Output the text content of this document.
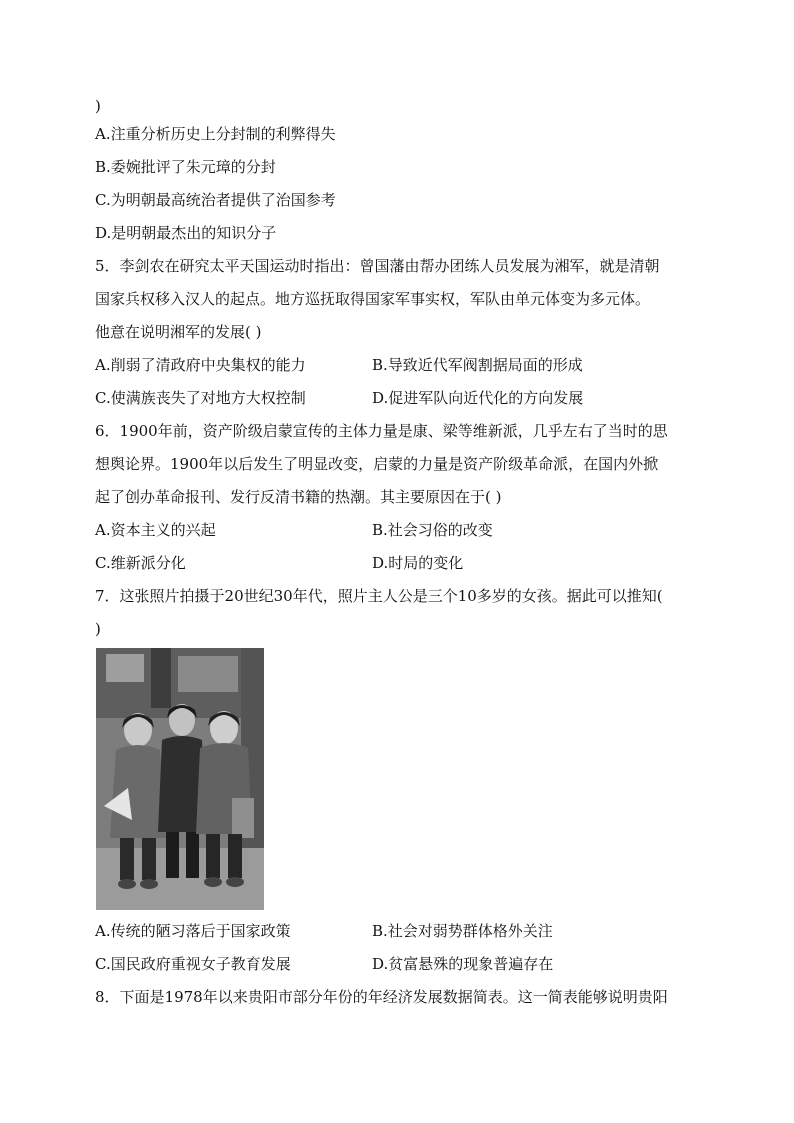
)
A.注重分析历史上分封制的利弊得失
B.委婉批评了朱元璋的分封
C.为明朝最高统治者提供了治国参考
D.是明朝最杰出的知识分子
5．李剑农在研究太平天国运动时指出：曾国藩由帮办团练人员发展为湘军，就是清朝
国家兵权移入汉人的起点。地方巡抚取得国家军事实权，军队由单元体变为多元体。
他意在说明湘军的发展( )
A.削弱了清政府中央集权的能力	B.导致近代军阀割据局面的形成
C.使满族丧失了对地方大权控制	D.促进军队向近代化的方向发展
6．1900年前，资产阶级启蒙宣传的主体力量是康、梁等维新派，几乎左右了当时的思
想舆论界。1900年以后发生了明显改变，启蒙的力量是资产阶级革命派，在国内外掀
起了创办革命报刊、发行反清书籍的热潮。其主要原因在于( )
A.资本主义的兴起	B.社会习俗的改变
C.维新派分化	D.时局的变化
7．这张照片拍摄于20世纪30年代，照片主人公是三个10多岁的女孩。据此可以推知(
)
A.传统的陋习落后于国家政策	B.社会对弱势群体格外关注
C.国民政府重视女子教育发展	D.贫富悬殊的现象普遍存在
8．下面是1978年以来贵阳市部分年份的年经济发展数据简表。这一简表能够说明贵阳
